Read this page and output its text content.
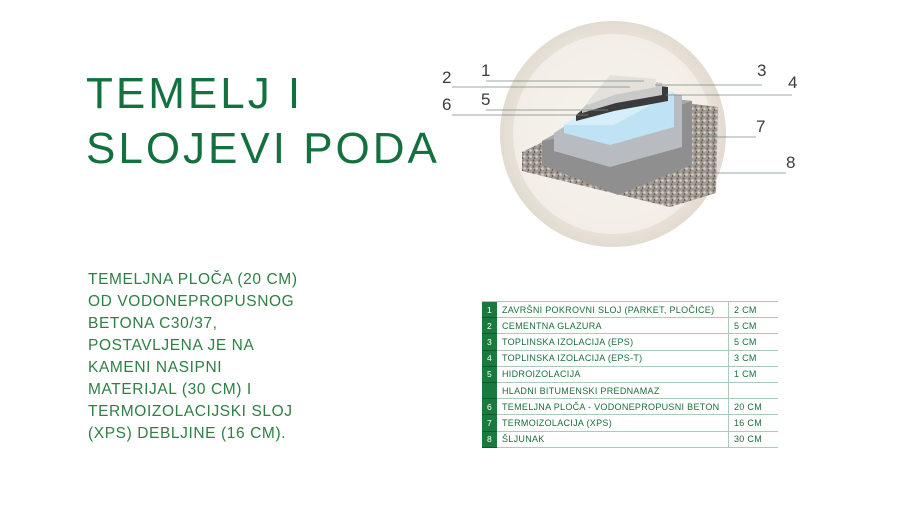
TEMELJ I
SLOJEVI PODA
TEMELJNA PLOČA (20 CM)
OD VODONEPROPUSNOG
BETONA C30/37,
POSTAVLJENA JE NA
KAMENI NASIPNI
MATERIJAL (30 CM) I
TERMOIZOLACIJSKI SLOJ
(XPS) DEBLJINE (16 CM).
1
2	3
4
5
6
7
8
1	ZAVRŠNI POKROVNI SLOJ (PARKET, PLOČICE)	2 CM
2	CEMENTNA GLAZURA	5 CM
3	TOPLINSKA IZOLACIJA (EPS)	5 CM
4	TOPLINSKA IZOLACIJA (EPS-T)	3 CM
5	HIDROIZOLACIJA	1 CM
	HLADNI BITUMENSKI PREDNAMAZ	
6	TEMELJNA PLOČA - VODONEPROPUSNI BETON	20 CM
7	TERMOIZOLACIJA (XPS)	16 CM
8	ŠLJUNAK	30 CM
